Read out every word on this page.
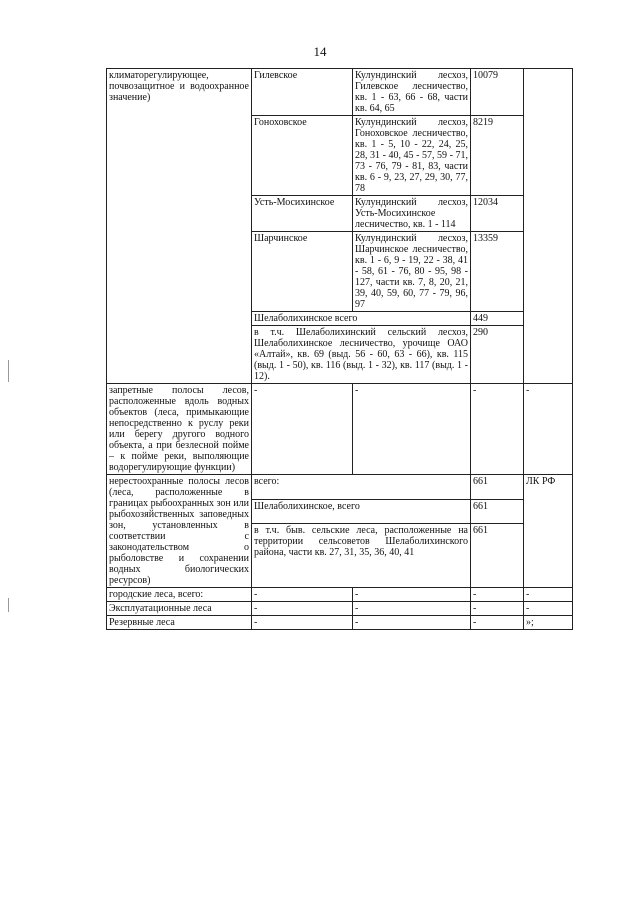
14
климаторегулирующее, почвозащитное и водоохранное значение)	Гилевское	Кулундинский лесхоз, Гилевское лесничество, кв. 1 - 63, 66 - 68, части кв. 64, 65	10079	
	Гоноховское	Кулундинский лесхоз, Гоноховское лесничество, кв. 1 - 5, 10 - 22, 24, 25, 28, 31 - 40, 45 - 57, 59 - 71, 73 - 76, 79 - 81, 83, части кв. 6 - 9, 23, 27, 29, 30, 77, 78	8219	
	Усть-Мосихинское	Кулундинский лесхоз, Усть-Мосихинское лесничество, кв. 1 - 114	12034	
	Шарчинское	Кулундинский лесхоз, Шарчинское лесничество, кв. 1 - 6, 9 - 19, 22 - 38, 41 - 58, 61 - 76, 80 - 95, 98 - 127, части кв. 7, 8, 20, 21, 39, 40, 59, 60, 77 - 79, 96, 97	13359	
	Шелаболихинское всего		449	
	в т.ч. Шелаболихинский сельский лесхоз, Шелаболихинское лесничество, урочище ОАО «Алтай», кв. 69 (выд. 56 - 60, 63 - 66), кв. 115 (выд. 1 - 50), кв. 116 (выд. 1 - 32), кв. 117 (выд. 1 - 12).		290	
запретные полосы лесов, расположенные вдоль водных объектов (леса, примыкающие непосредственно к руслу реки или берегу другого водного объекта, а при безлесной пойме – к пойме реки, выполяющие водорегулирующие функции)	-	-	-	-
нерестоохранные полосы лесов (леса, расположенные в границах рыбоохранных зон или рыбохозяйственных заповедных зон, установленных в соответствии с законодательством о рыболовстве и сохранении водных биологических ресурсов)	всего:		661	ЛК РФ
	Шелаболихинское, всего		661	
	в т.ч. быв. сельские леса, расположенные на территории сельсоветов Шелаболихинского района, части кв. 27, 31, 35, 36, 40, 41		661	
городские леса, всего:	-	-	-	-
Эксплуатационные леса	-	-	-	-
Резервные леса	-	-	-	»;
